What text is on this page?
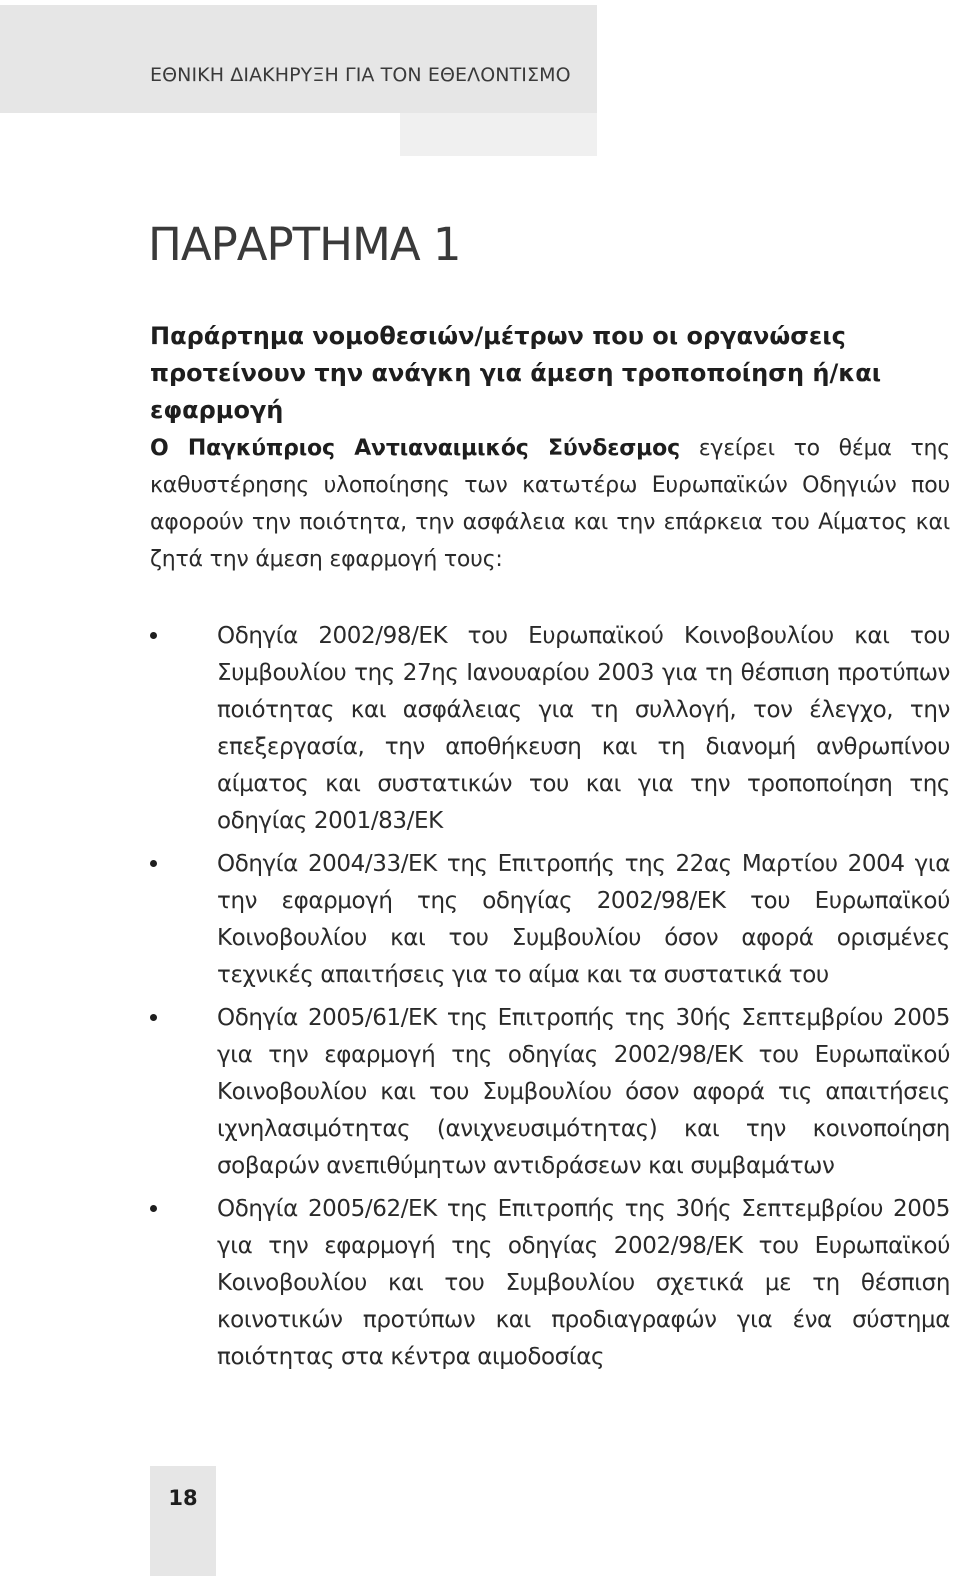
ΕΘΝΙΚΗ ΔΙΑΚΗΡΥΞΗ ΓΙΑ ΤΟΝ ΕΘΕΛΟΝΤΙΣΜΟ
ΠΑΡΑΡΤΗΜΑ 1

Παράρτημα νομοθεσιών/μέτρων που οι οργανώσεις προτείνουν την ανάγκη για άμεση τροποποίηση ή/και εφαρμογή

Ο Παγκύπριος Αντιαναιμικός Σύνδεσμος εγείρει το θέμα της καθυστέρησης υλοποίησης των κατωτέρω Ευρωπαϊκών Οδηγιών που αφορούν την ποιότητα, την ασφάλεια και την επάρκεια του Αίματος και ζητά την άμεση εφαρμογή τους:

Οδηγία 2002/98/ΕΚ του Ευρωπαϊκού Κοινοβουλίου και του Συμβουλίου της 27ης Ιανουαρίου 2003 για τη θέσπιση προτύπων ποιότητας και ασφάλειας για τη συλλογή, τον έλεγχο, την επεξεργασία, την αποθήκευση και τη διανομή ανθρωπίνου αίματος και συστατικών του και για την τροποποίηση της οδηγίας 2001/83/ΕΚ
Οδηγία 2004/33/ΕΚ της Επιτροπής της 22ας Μαρτίου 2004 για την εφαρμογή της οδηγίας 2002/98/ΕΚ του Ευρωπαϊκού Κοινοβουλίου και του Συμβουλίου όσον αφορά ορισμένες τεχνικές απαιτήσεις για το αίμα και τα συστατικά του
Οδηγία 2005/61/ΕΚ της Επιτροπής της 30ής Σεπτεμβρίου 2005 για την εφαρμογή της οδηγίας 2002/98/ΕΚ του Ευρωπαϊκού Κοινοβουλίου και του Συμβουλίου όσον αφορά τις απαιτήσεις ιχνηλασιμότητας (ανιχνευσιμότητας) και την κοινοποίηση σοβαρών ανεπιθύμητων αντιδράσεων και συμβαμάτων
Οδηγία 2005/62/ΕΚ της Επιτροπής της 30ής Σεπτεμβρίου 2005 για την εφαρμογή της οδηγίας 2002/98/ΕΚ του Ευρωπαϊκού Κοινοβουλίου και του Συμβουλίου σχετικά με τη θέσπιση κοινοτικών προτύπων και προδιαγραφών για ένα σύστημα ποιότητας στα κέντρα αιμοδοσίας
18
